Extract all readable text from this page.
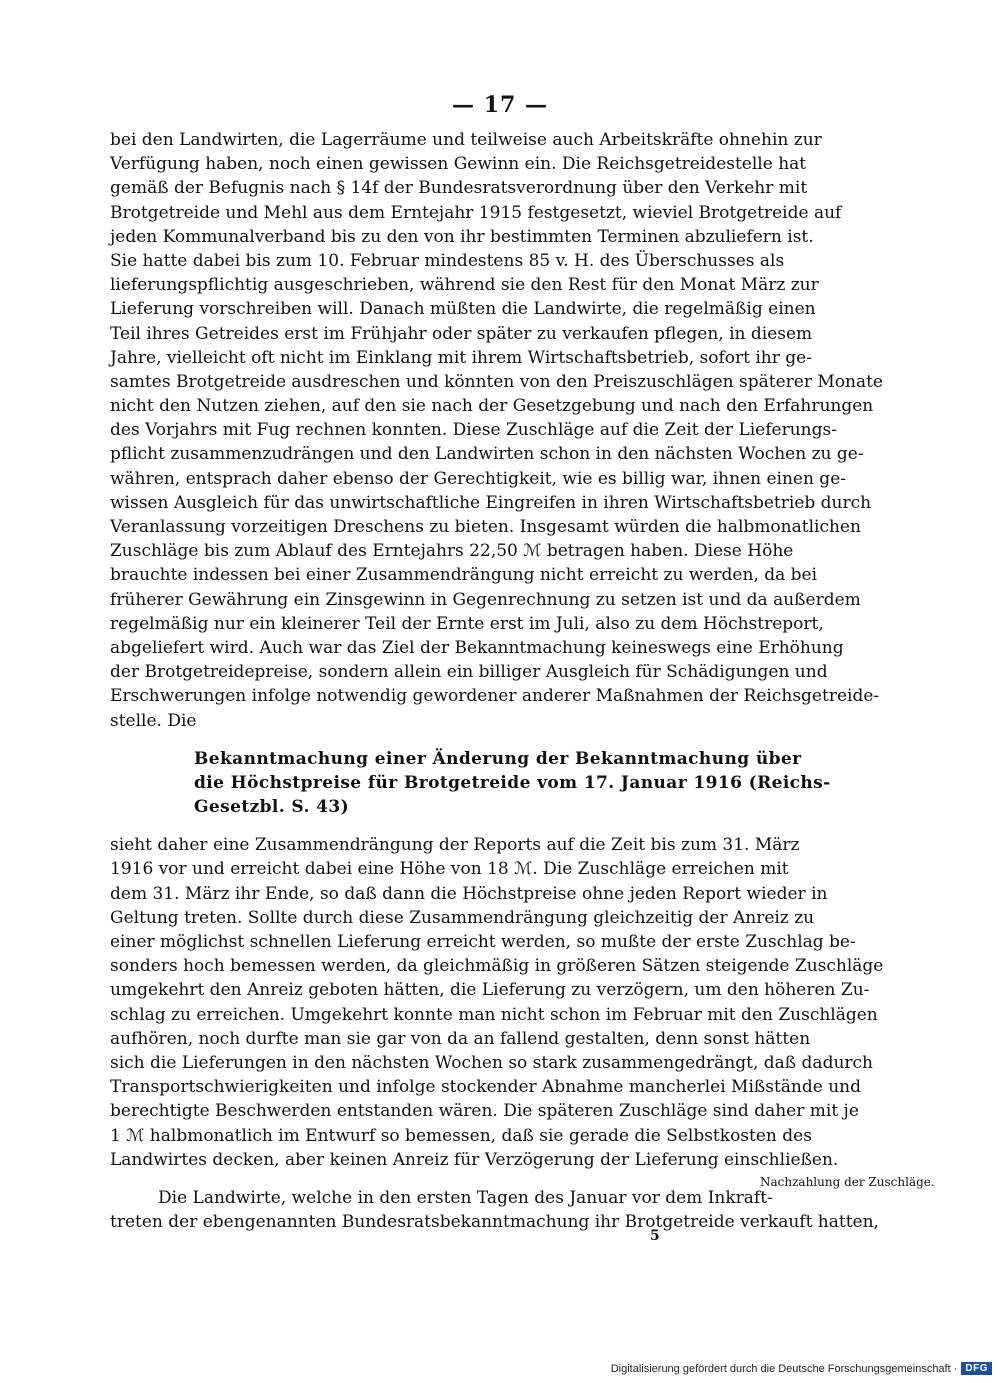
— 17 —
bei den Landwirten, die Lagerräume und teilweise auch Arbeitskräfte ohnehin zur
Verfügung haben, noch einen gewissen Gewinn ein. Die Reichsgetreidestelle hat
gemäß der Befugnis nach § 14f der Bundesratsverordnung über den Verkehr mit
Brotgetreide und Mehl aus dem Erntejahr 1915 festgesetzt, wieviel Brotgetreide auf
jeden Kommunalverband bis zu den von ihr bestimmten Terminen abzuliefern ist.
Sie hatte dabei bis zum 10. Februar mindestens 85 v. H. des Überschusses als
lieferungspflichtig ausgeschrieben, während sie den Rest für den Monat März zur
Lieferung vorschreiben will. Danach müßten die Landwirte, die regelmäßig einen
Teil ihres Getreides erst im Frühjahr oder später zu verkaufen pflegen, in diesem
Jahre, vielleicht oft nicht im Einklang mit ihrem Wirtschaftsbetrieb, sofort ihr ge-
samtes Brotgetreide ausdreschen und könnten von den Preiszuschlägen späterer Monate
nicht den Nutzen ziehen, auf den sie nach der Gesetzgebung und nach den Erfahrungen
des Vorjahrs mit Fug rechnen konnten. Diese Zuschläge auf die Zeit der Lieferungs-
pflicht zusammenzudrängen und den Landwirten schon in den nächsten Wochen zu ge-
währen, entsprach daher ebenso der Gerechtigkeit, wie es billig war, ihnen einen ge-
wissen Ausgleich für das unwirtschaftliche Eingreifen in ihren Wirtschaftsbetrieb durch
Veranlassung vorzeitigen Dreschens zu bieten. Insgesamt würden die halbmonatlichen
Zuschläge bis zum Ablauf des Erntejahrs 22,50 ℳ betragen haben. Diese Höhe
brauchte indessen bei einer Zusammendrängung nicht erreicht zu werden, da bei
früherer Gewährung ein Zinsgewinn in Gegenrechnung zu setzen ist und da außerdem
regelmäßig nur ein kleinerer Teil der Ernte erst im Juli, also zu dem Höchstreport,
abgeliefert wird. Auch war das Ziel der Bekanntmachung keineswegs eine Erhöhung
der Brotgetreidepreise, sondern allein ein billiger Ausgleich für Schädigungen und
Erschwerungen infolge notwendig gewordener anderer Maßnahmen der Reichsgetreide-
stelle. Die
Bekanntmachung einer Änderung der Bekanntmachung über
die Höchstpreise für Brotgetreide vom 17. Januar 1916 (Reichs-
Gesetzbl. S. 43)
sieht daher eine Zusammendrängung der Reports auf die Zeit bis zum 31. März
1916 vor und erreicht dabei eine Höhe von 18 ℳ. Die Zuschläge erreichen mit
dem 31. März ihr Ende, so daß dann die Höchstpreise ohne jeden Report wieder in
Geltung treten. Sollte durch diese Zusammendrängung gleichzeitig der Anreiz zu
einer möglichst schnellen Lieferung erreicht werden, so mußte der erste Zuschlag be-
sonders hoch bemessen werden, da gleichmäßig in größeren Sätzen steigende Zuschläge
umgekehrt den Anreiz geboten hätten, die Lieferung zu verzögern, um den höheren Zu-
schlag zu erreichen. Umgekehrt konnte man nicht schon im Februar mit den Zuschlägen
aufhören, noch durfte man sie gar von da an fallend gestalten, denn sonst hätten
sich die Lieferungen in den nächsten Wochen so stark zusammengedrängt, daß dadurch
Transportschwierigkeiten und infolge stockender Abnahme mancherlei Mißstände und
berechtigte Beschwerden entstanden wären. Die späteren Zuschläge sind daher mit je
1 ℳ halbmonatlich im Entwurf so bemessen, daß sie gerade die Selbstkosten des
Landwirtes decken, aber keinen Anreiz für Verzögerung der Lieferung einschließen.
Die Landwirte, welche in den ersten Tagen des Januar vor dem Inkraft-
treten der ebengenannten Bundesratsbekanntmachung ihr Brotgetreide verkauft hatten,
Nachzahlung der Zuschläge.
5
Digitalisierung gefördert durch die Deutsche Forschungsgemeinschaft · DFG
